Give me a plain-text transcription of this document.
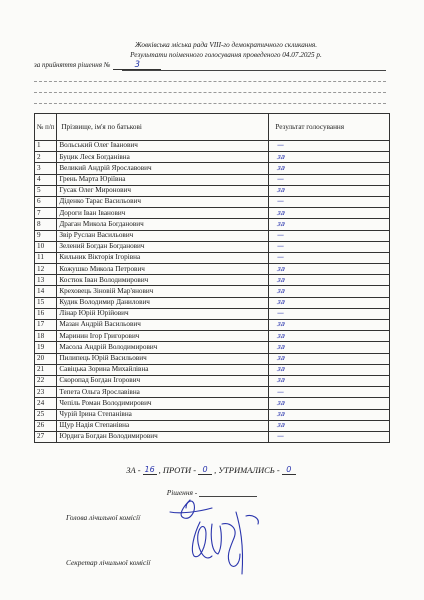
Жовківська міська рада VIII-го демократичного скликання.
Результати поіменного голосування проведеного 04.07.2025 р.
за прийняття рішення №	3
№ п/п	Прізвище, ім'я по батькові	Результат голосування
1	Вольський Олег Іванович	—
2	Буцик Леся Богданівна	за
3	Великий Андрій Ярославович	за
4	Грень Марта Юріївна	—
5	Гусак Олег Миронович	за
6	Діденко Тарас Васильович	—
7	Дороги Іван Іванович	за
8	Драган Микола Богданович	за
9	Звір Руслан Васильович	—
10	Зелений Богдан Богданович	—
11	Кильник Вікторія Ігорівна	—
12	Кожушко Микола Петрович	за
13	Костюк Іван Володимирович	за
14	Креховець Зіновій Мар'янович	за
15	Кудик Володимир Данилович	за
16	Лінар Юрій Юрійович	—
17	Мазан Андрій Васильович	за
18	Маринин Ігор Григорович	за
19	Масола Андрій Володимирович	за
20	Пилипець Юрій Васильович	за
21	Савіцька Зорина Михайлівна	за
22	Скоропад Богдан Ігорович	за
23	Тепета Ольга Ярославівна	—
24	Чепіль Роман Володимирович	за
25	Чурій Ірина Степанівна	за
26	Щур Надія Степанівна	за
27	Юрдига Богдан Володимирович	—
ЗА - 16 , ПРОТИ - 0 , УТРИМАЛИСЬ - 0
Рішення -
Голова лічильної комісії
Секретар лічильної комісії
